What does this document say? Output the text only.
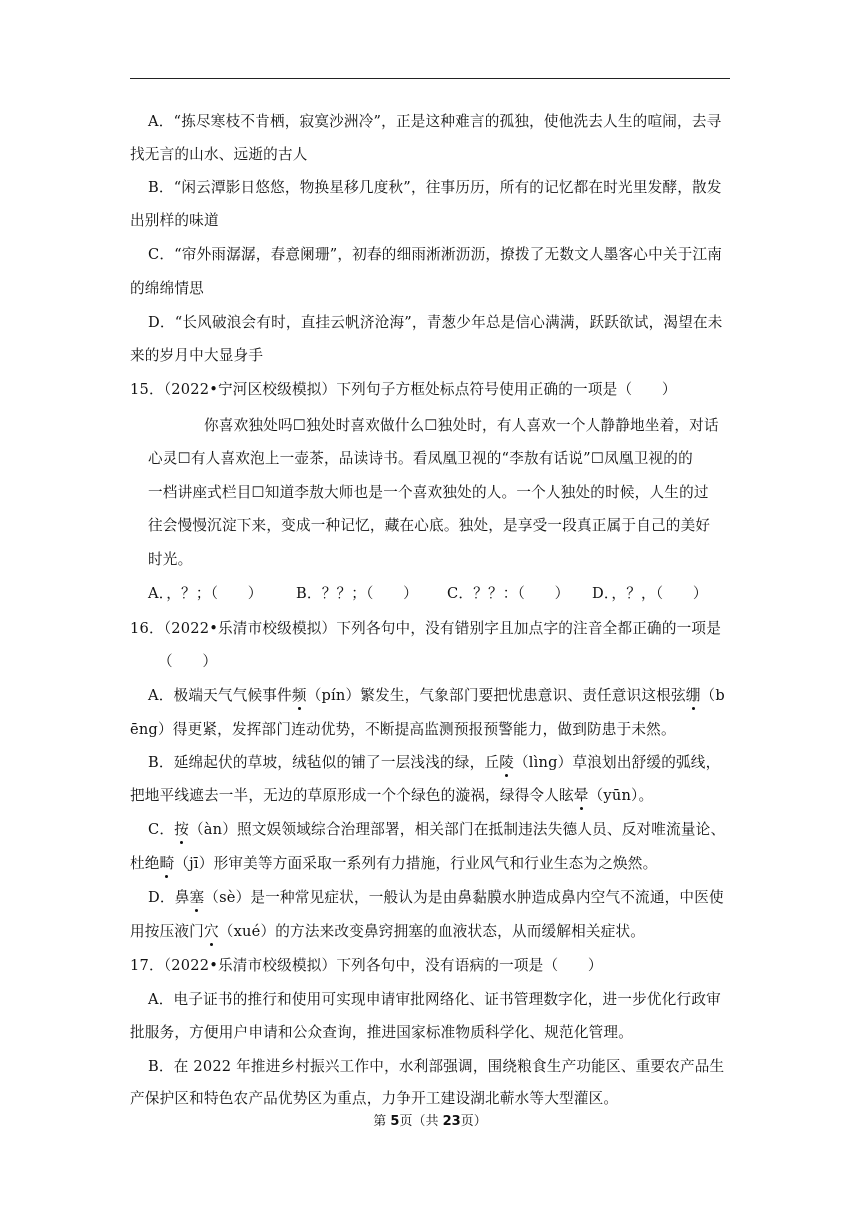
A．“拣尽寒枝不肯栖，寂寞沙洲冷”，正是这种难言的孤独，使他洗去人生的喧闹，去寻
找无言的山水、远逝的古人
B．“闲云潭影日悠悠，物换星移几度秋”，往事历历，所有的记忆都在时光里发酵，散发
出别样的味道
C．“帘外雨潺潺，春意阑珊”，初春的细雨淅淅沥沥，撩拨了无数文人墨客心中关于江南
的绵绵情思
D．“长风破浪会有时，直挂云帆济沧海”，青葱少年总是信心满满，跃跃欲试，渴望在未
来的岁月中大显身手
15．（2022•宁河区校级模拟）下列句子方框处标点符号使用正确的一项是（　　）
你喜欢独处吗☐独处时喜欢做什么☐独处时，有人喜欢一个人静静地坐着，对话
心灵☐有人喜欢泡上一壶茶，品读诗书。看凤凰卫视的“李敖有话说”☐凤凰卫视的的
一档讲座式栏目☐知道李敖大师也是一个喜欢独处的人。一个人独处的时候，人生的过
往会慢慢沉淀下来，变成一种记忆，藏在心底。独处，是享受一段真正属于自己的美好
时光。
A．，？；（　　） B．？？；（　　） C．？？：（　　） D．，？，（　　）
16．（2022•乐清市校级模拟）下列各句中，没有错别字且加点字的注音全都正确的一项是
（　　）
A．极端天气气候事件频（pín）繁发生，气象部门要把忧患意识、责任意识这根弦绷（b
ēng）得更紧，发挥部门连动优势，不断提高监测预报预警能力，做到防患于未然。
B．延绵起伏的草坡，绒毡似的铺了一层浅浅的绿，丘陵（lìng）草浪划出舒缓的弧线，
把地平线遮去一半，无边的草原形成一个个绿色的漩祸，绿得令人眩晕（yūn）。
C．按（àn）照文娱领域综合治理部署，相关部门在抵制违法失德人员、反对唯流量论、
杜绝畸（jī）形审美等方面采取一系列有力措施，行业风气和行业生态为之焕然。
D．鼻塞（sè）是一种常见症状，一般认为是由鼻黏膜水肿造成鼻内空气不流通，中医使
用按压液门穴（xué）的方法来改变鼻窍拥塞的血液状态，从而缓解相关症状。
17．（2022•乐清市校级模拟）下列各句中，没有语病的一项是（　　）
A．电子证书的推行和使用可实现申请审批网络化、证书管理数字化，进一步优化行政审
批服务，方便用户申请和公众查询，推进国家标准物质科学化、规范化管理。
B．在 2022 年推进乡村振兴工作中，水利部强调，围绕粮食生产功能区、重要农产品生
产保护区和特色农产品优势区为重点，力争开工建设湖北蕲水等大型灌区。
第 5页（共 23页）
